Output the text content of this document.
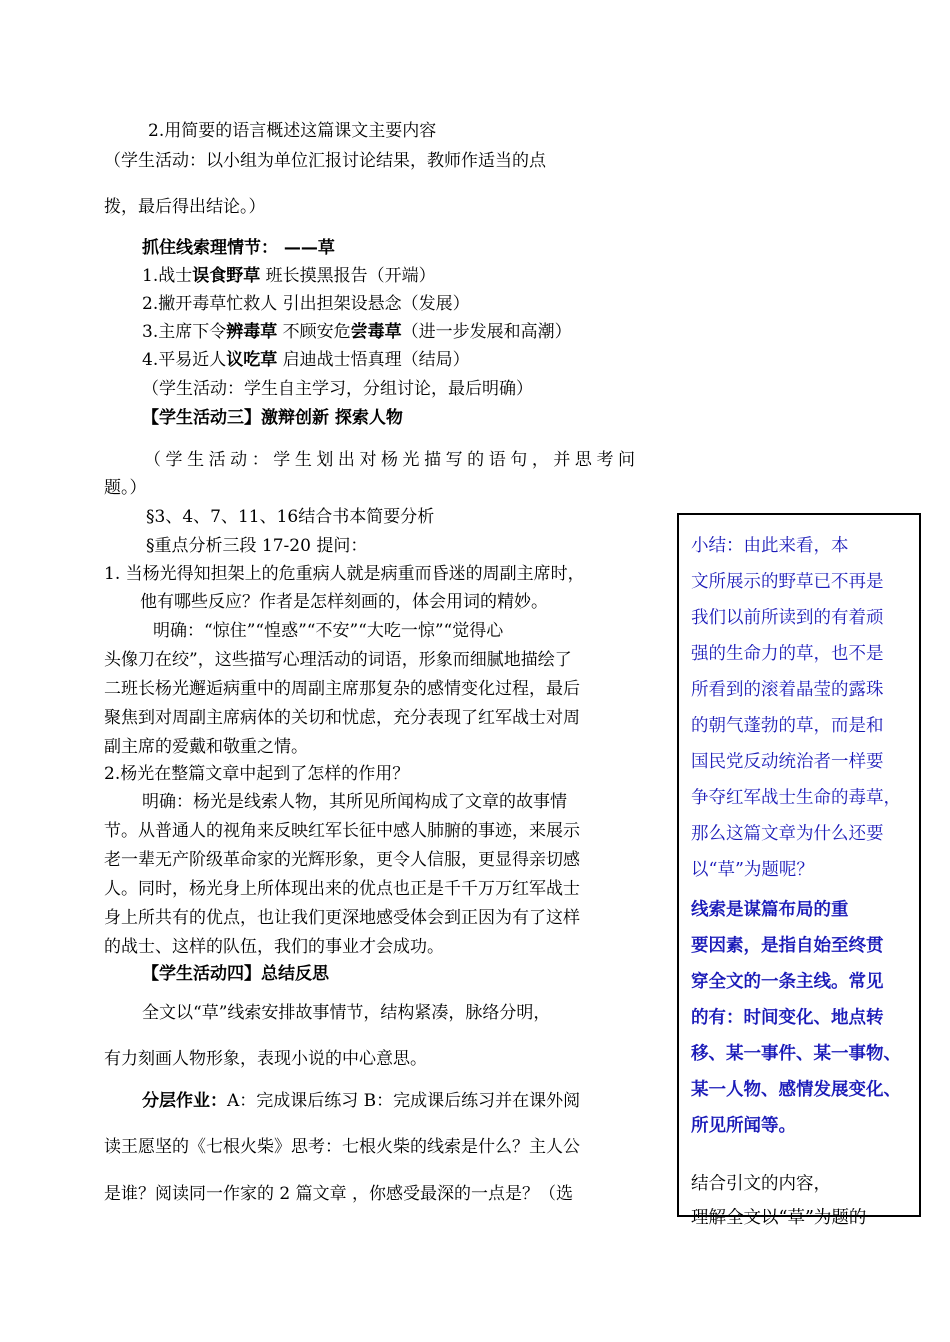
2.用简要的语言概述这篇课文主要内容
（学生活动：以小组为单位汇报讨论结果，教师作适当的点
拨，最后得出结论。）
抓住线索理情节： ——草
1.战士误食野草 班长摸黑报告（开端）
2.撇开毒草忙救人 引出担架设悬念（发展）
3.主席下令辨毒草 不顾安危尝毒草（进一步发展和高潮）
4.平易近人议吃草 启迪战士悟真理（结局）
（学生活动：学生自主学习，分组讨论，最后明确）
【学生活动三】激辩创新 探索人物
（学生活动：学生划出对杨光描写的语句，并思考问
题。）
§3、4、7、11、16结合书本简要分析
§重点分析三段 17-20 提问：
1. 当杨光得知担架上的危重病人就是病重而昏迷的周副主席时，
他有哪些反应？作者是怎样刻画的，体会用词的精妙。
明确：“惊住”“惶惑”“不安”“大吃一惊”“觉得心
头像刀在绞”，这些描写心理活动的词语，形象而细腻地描绘了
二班长杨光邂逅病重中的周副主席那复杂的感情变化过程，最后
聚焦到对周副主席病体的关切和忧虑，充分表现了红军战士对周
副主席的爱戴和敬重之情。
2.杨光在整篇文章中起到了怎样的作用？
明确：杨光是线索人物，其所见所闻构成了文章的故事情
节。从普通人的视角来反映红军长征中感人肺腑的事迹，来展示
老一辈无产阶级革命家的光辉形象，更令人信服，更显得亲切感
人。同时，杨光身上所体现出来的优点也正是千千万万红军战士
身上所共有的优点，也让我们更深地感受体会到正因为有了这样
的战士、这样的队伍，我们的事业才会成功。
【学生活动四】总结反思
全文以“草”线索安排故事情节，结构紧凑，脉络分明，
有力刻画人物形象，表现小说的中心意思。
分层作业：A：完成课后练习 B：完成课后练习并在课外阅
读王愿坚的《七根火柴》思考：七根火柴的线索是什么？主人公
是谁？阅读同一作家的 2 篇文章 ，你感受最深的一点是？（选
小结：由此来看，本
文所展示的野草已不再是
我们以前所读到的有着顽
强的生命力的草，也不是
所看到的滚着晶莹的露珠
的朝气蓬勃的草，而是和
国民党反动统治者一样要
争夺红军战士生命的毒草，
那么这篇文章为什么还要
以“草”为题呢？
线索是谋篇布局的重
要因素，是指自始至终贯
穿全文的一条主线。常见
的有：时间变化、地点转
移、某一事件、某一事物、
某一人物、感情发展变化、
所见所闻等。
结合引文的内容，
理解全文以“草”为题的
